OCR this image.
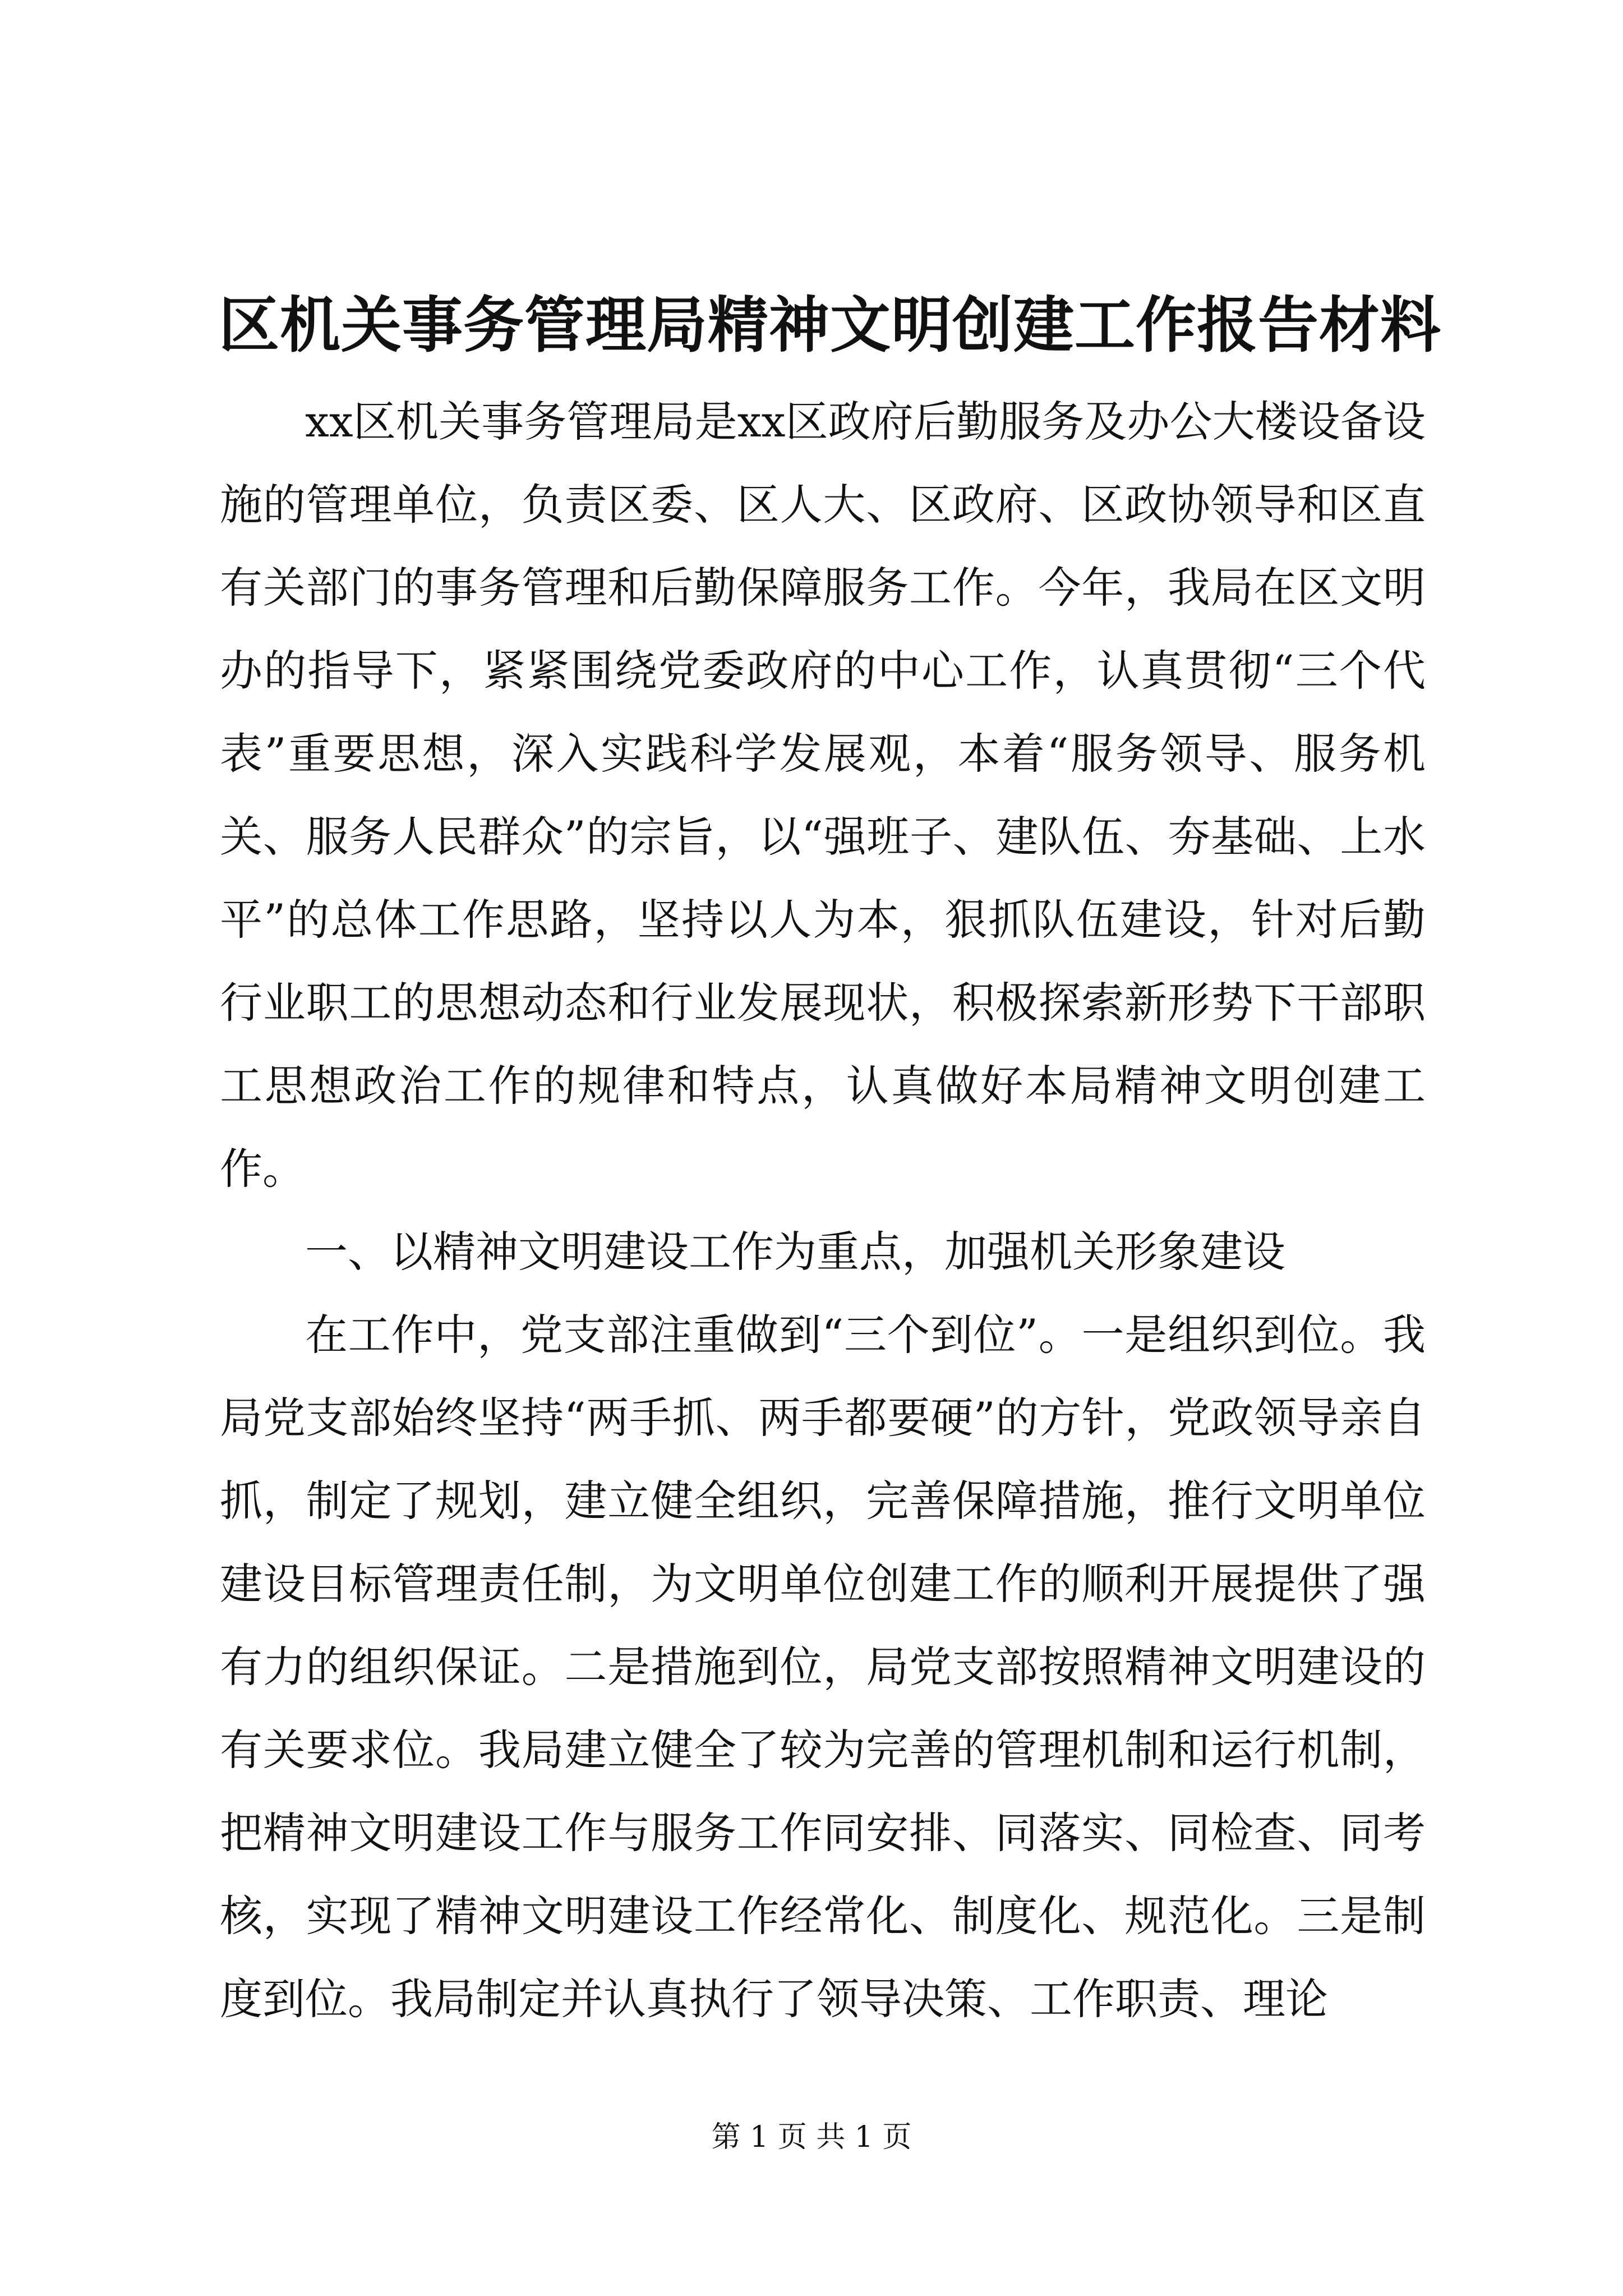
区机关事务管理局精神文明创建工作报告材料

xx区机关事务管理局是xx区政府后勤服务及办公大楼设备设施的管理单位，负责区委、区人大、区政府、区政协领导和区直有关部门的事务管理和后勤保障服务工作。今年，我局在区文明办的指导下，紧紧围绕党委政府的中心工作，认真贯彻“三个代表”重要思想，深入实践科学发展观，本着“服务领导、服务机关、服务人民群众”的宗旨，以“强班子、建队伍、夯基础、上水平”的总体工作思路，坚持以人为本，狠抓队伍建设，针对后勤行业职工的思想动态和行业发展现状，积极探索新形势下干部职工思想政治工作的规律和特点，认真做好本局精神文明创建工作。

一、以精神文明建设工作为重点，加强机关形象建设

在工作中，党支部注重做到“三个到位”。一是组织到位。我局党支部始终坚持“两手抓、两手都要硬”的方针，党政领导亲自抓，制定了规划，建立健全组织，完善保障措施，推行文明单位建设目标管理责任制，为文明单位创建工作的顺利开展提供了强有力的组织保证。二是措施到位，局党支部按照精神文明建设的有关要求位。我局建立健全了较为完善的管理机制和运行机制，把精神文明建设工作与服务工作同安排、同落实、同检查、同考核，实现了精神文明建设工作经常化、制度化、规范化。三是制度到位。我局制定并认真执行了领导决策、工作职责、理论

第 1 页 共 1 页
